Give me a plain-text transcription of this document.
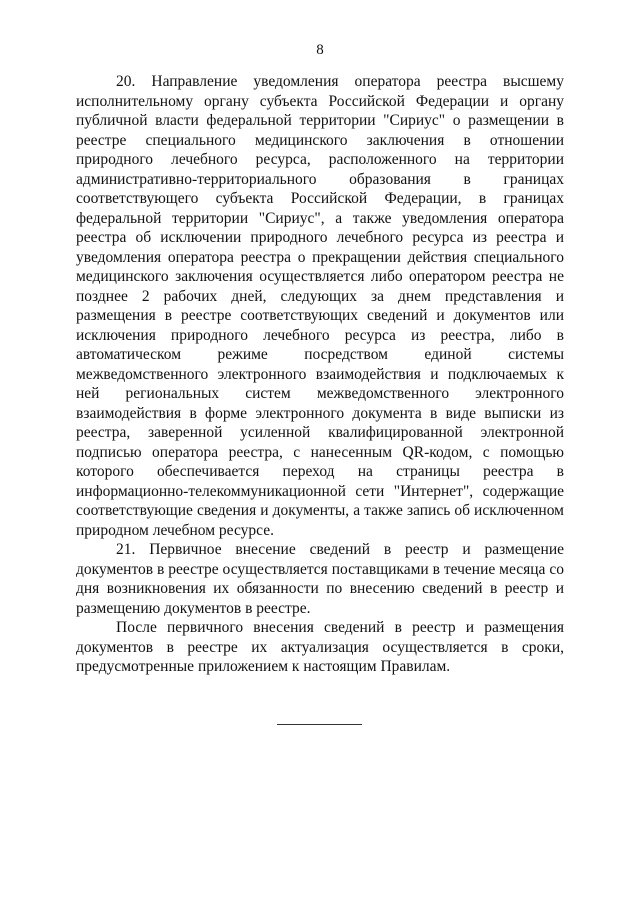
8

20. Направление уведомления оператора реестра высшему исполнительному органу субъекта Российской Федерации и органу публичной власти федеральной территории "Сириус" о размещении в реестре специального медицинского заключения в отношении природного лечебного ресурса, расположенного на территории административно-территориального образования в границах соответствующего субъекта Российской Федерации, в границах федеральной территории "Сириус", а также уведомления оператора реестра об исключении природного лечебного ресурса из реестра и уведомления оператора реестра о прекращении действия специального медицинского заключения осуществляется либо оператором реестра не позднее 2 рабочих дней, следующих за днем представления и размещения в реестре соответствующих сведений и документов или исключения природного лечебного ресурса из реестра, либо в автоматическом режиме посредством единой системы межведомственного электронного взаимодействия и подключаемых к ней региональных систем межведомственного электронного взаимодействия в форме электронного документа в виде выписки из реестра, заверенной усиленной квалифицированной электронной подписью оператора реестра, с нанесенным QR-кодом, с помощью которого обеспечивается переход на страницы реестра в информационно-телекоммуникационной сети "Интернет", содержащие соответствующие сведения и документы, а также запись об исключенном природном лечебном ресурсе.

21. Первичное внесение сведений в реестр и размещение документов в реестре осуществляется поставщиками в течение месяца со дня возникновения их обязанности по внесению сведений в реестр и размещению документов в реестре.

После первичного внесения сведений в реестр и размещения документов в реестре их актуализация осуществляется в сроки, предусмотренные приложением к настоящим Правилам.
